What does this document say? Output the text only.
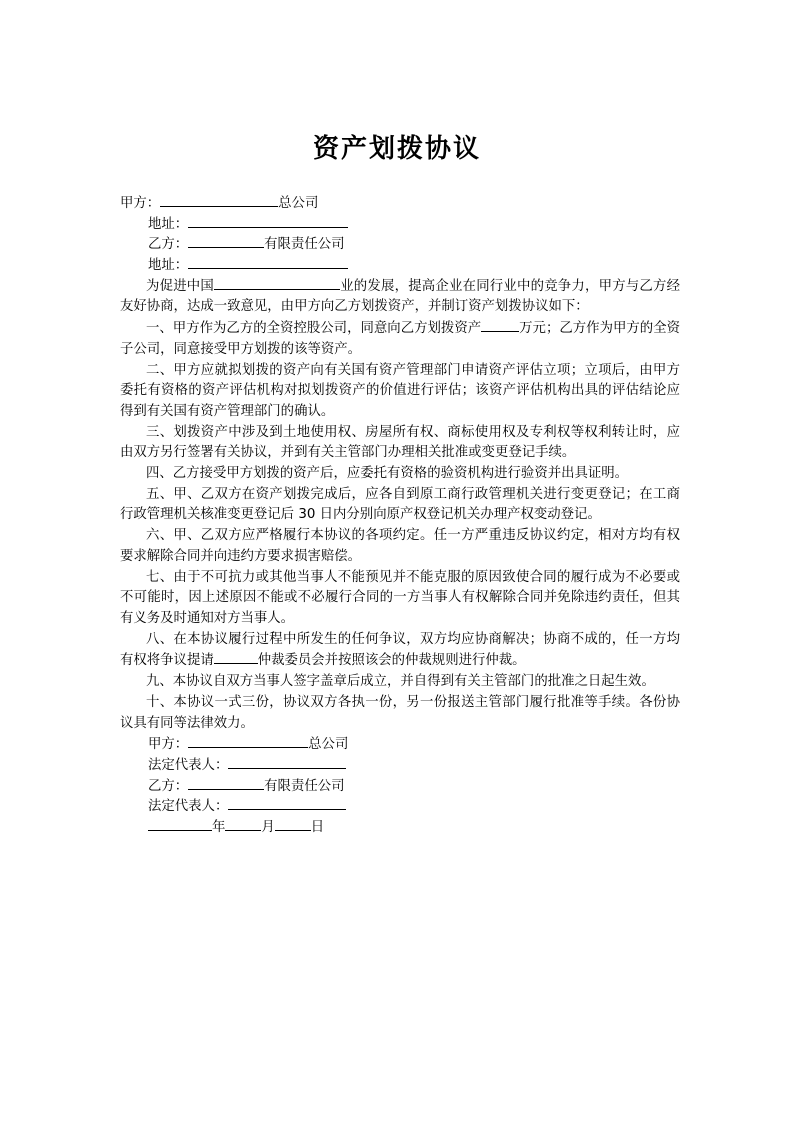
资产划拨协议
甲方：	总公司
地址：
乙方：	有限责任公司
地址：
为促进中国	业的发展，提高企业在同行业中的竞争力，甲方与乙方经友好协商，达成一致意见，由甲方向乙方划拨资产，并制订资产划拨协议如下：
一、甲方作为乙方的全资控股公司，同意向乙方划拨资产	万元；乙方作为甲方的全资子公司，同意接受甲方划拨的该等资产。
二、甲方应就拟划拨的资产向有关国有资产管理部门申请资产评估立项；立项后，由甲方委托有资格的资产评估机构对拟划拨资产的价值进行评估；该资产评估机构出具的评估结论应得到有关国有资产管理部门的确认。
三、划拨资产中涉及到土地使用权、房屋所有权、商标使用权及专利权等权利转让时，应由双方另行签署有关协议，并到有关主管部门办理相关批准或变更登记手续。
四、乙方接受甲方划拨的资产后，应委托有资格的验资机构进行验资并出具证明。
五、甲、乙双方在资产划拨完成后，应各自到原工商行政管理机关进行变更登记；在工商行政管理机关核准变更登记后 30 日内分别向原产权登记机关办理产权变动登记。
六、甲、乙双方应严格履行本协议的各项约定。任一方严重违反协议约定，相对方均有权要求解除合同并向违约方要求损害赔偿。
七、由于不可抗力或其他当事人不能预见并不能克服的原因致使合同的履行成为不必要或不可能时，因上述原因不能或不必履行合同的一方当事人有权解除合同并免除违约责任，但其有义务及时通知对方当事人。
八、在本协议履行过程中所发生的任何争议，双方均应协商解决；协商不成的，任一方均有权将争议提请	仲裁委员会并按照该会的仲裁规则进行仲裁。
九、本协议自双方当事人签字盖章后成立，并自得到有关主管部门的批准之日起生效。
十、本协议一式三份，协议双方各执一份，另一份报送主管部门履行批准等手续。各份协议具有同等法律效力。
甲方：	总公司
法定代表人：
乙方：	有限责任公司
法定代表人：
年	月	日
